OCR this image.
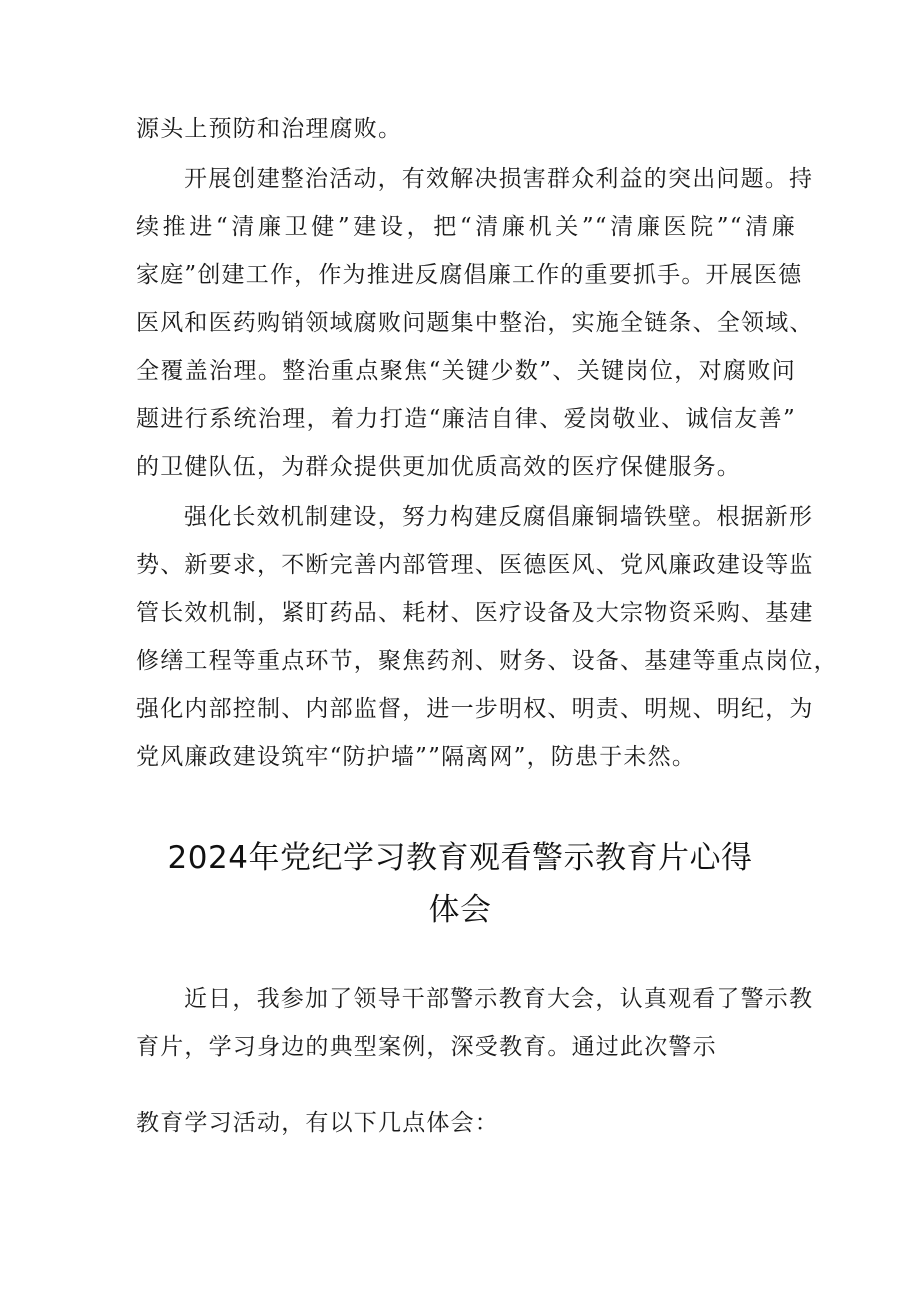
源头上预防和治理腐败。
开展创建整治活动，有效解决损害群众利益的突出问题。持
续推进“清廉卫健”建设，把“清廉机关”“清廉医院”“清廉
家庭”创建工作，作为推进反腐倡廉工作的重要抓手。开展医德
医风和医药购销领域腐败问题集中整治，实施全链条、全领域、
全覆盖治理。整治重点聚焦“关键少数”、关键岗位，对腐败问
题进行系统治理，着力打造“廉洁自律、爱岗敬业、诚信友善”
的卫健队伍，为群众提供更加优质高效的医疗保健服务。
强化长效机制建设，努力构建反腐倡廉铜墙铁壁。根据新形
势、新要求，不断完善内部管理、医德医风、党风廉政建设等监
管长效机制，紧盯药品、耗材、医疗设备及大宗物资采购、基建
修缮工程等重点环节，聚焦药剂、财务、设备、基建等重点岗位，
强化内部控制、内部监督，进一步明权、明责、明规、明纪，为
党风廉政建设筑牢“防护墙””隔离网”，防患于未然。
2024年党纪学习教育观看警示教育片心得
体会
近日，我参加了领导干部警示教育大会，认真观看了警示教
育片，学习身边的典型案例，深受教育。通过此次警示
教育学习活动，有以下几点体会：
